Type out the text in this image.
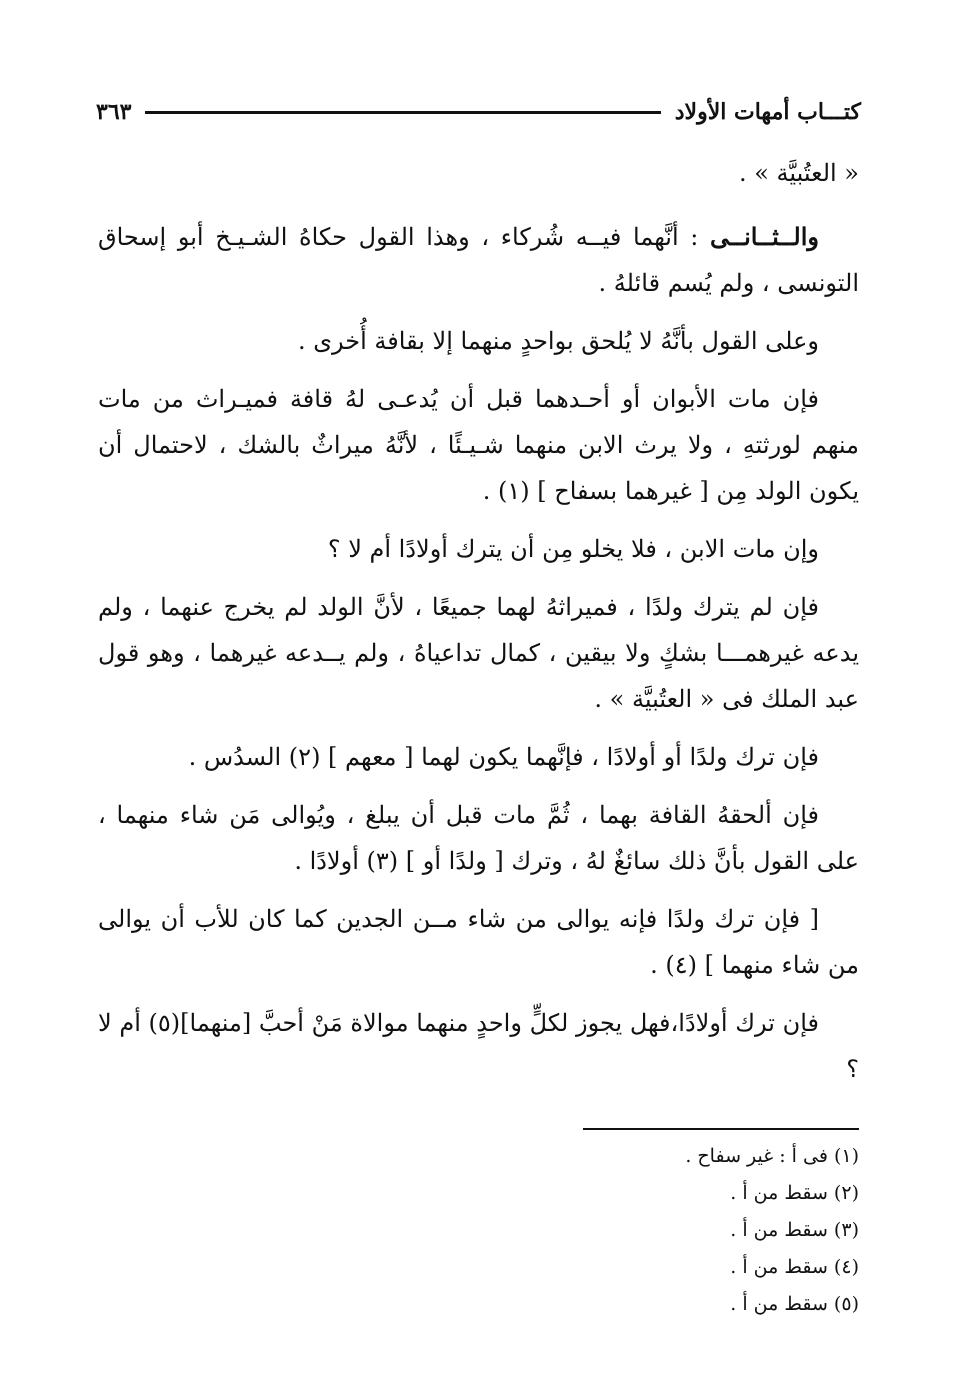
كتـــاب أمهات الأولاد
٣٦٣

« العتُبيَّة » .

والــثــانــى : أنَّهما فيــه شُركاء ، وهذا القول حكاهُ الشـيـخ أبو إسحاق التونسى ، ولم يُسم قائلهُ .

وعلى القول بأنَّهُ لا يُلحق بواحدٍ منهما إلا بقافة أُخرى .

فإن مات الأبوان أو أحـدهما قبل أن يُدعـى لهُ قافة فميـراث من مات منهم لورثتهِ ، ولا يرث الابن منهما شـيـئًا ، لأنَّهُ ميراثٌ بالشك ، لاحتمال أن يكون الولد مِن [ غيرهما بسفاح ] (١) .

وإن مات الابن ، فلا يخلو مِن أن يترك أولادًا أم لا ؟

فإن لم يترك ولدًا ، فميراثهُ لهما جميعًا ، لأنَّ الولد لم يخرج عنهما ، ولم يدعه غيرهمـــا بشكٍ ولا بيقين ، كمال تداعياهُ ، ولم يــدعه غيرهما ، وهو قول عبد الملك فى « العتُبيَّة » .

فإن ترك ولدًا أو أولادًا ، فإنَّهما يكون لهما [ معهم ] (٢) السدُس .

فإن ألحقهُ القافة بهما ، ثُمَّ مات قبل أن يبلغ ، ويُوالى مَن شاء منهما ، على القول بأنَّ ذلك سائغٌ لهُ ، وترك [ ولدًا أو ] (٣) أولادًا .

[ فإن ترك ولدًا فإنه يوالى من شاء مــن الجدين كما كان للأب أن يوالى من شاء منهما ] (٤) .

فإن ترك أولادًا،فهل يجوز لكلٍّ واحدٍ منهما موالاة مَنْ أحبَّ [منهما](٥) أم لا ؟

(١) فى أ : غير سفاح .
(٢) سقط من أ .
(٣) سقط من أ .
(٤) سقط من أ .
(٥) سقط من أ .
